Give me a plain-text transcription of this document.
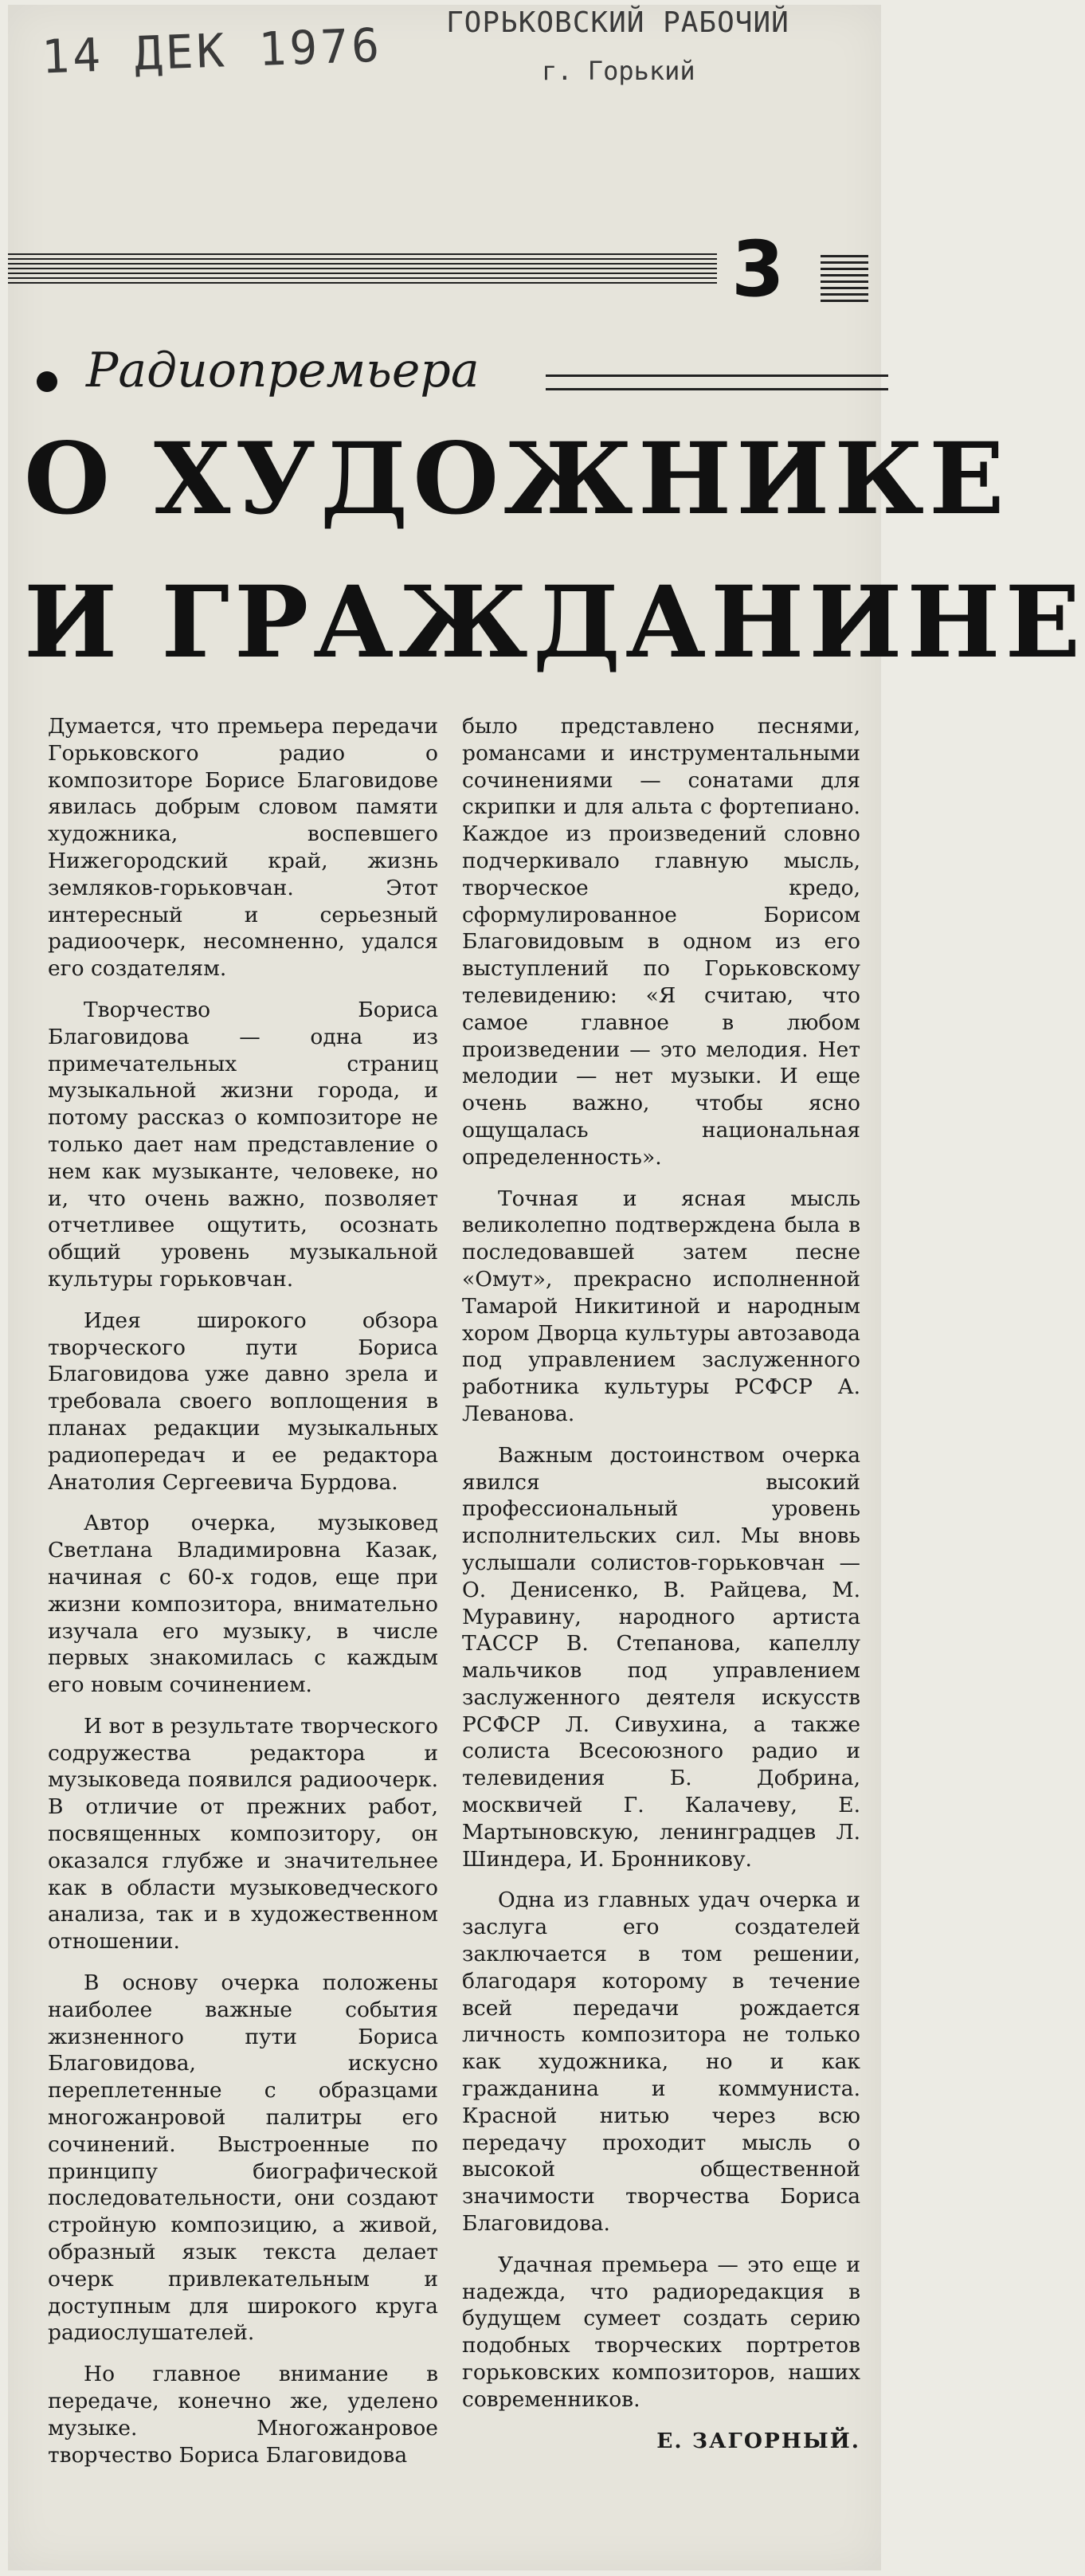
14 ДЕК 1976 ГОРЬКОВСКИЙ РАБОЧИЙ
г. Горький
3
Радиопремьера
О ХУДОЖНИКЕ
И ГРАЖДАНИНЕ

Думается, что премьера передачи Горьковского радио о композиторе Борисе Благовидове явилась добрым словом памяти художника, воспевшего Нижегородский край, жизнь земляков-горьковчан. Этот интересный и серьезный радиоочерк, несомненно, удался его создателям.

Творчество Бориса Благовидова — одна из примечательных страниц музыкальной жизни города, и потому рассказ о композиторе не только дает нам представление о нем как музыканте, человеке, но и, что очень важно, позволяет отчетливее ощутить, осознать общий уровень музыкальной культуры горьковчан.

Идея широкого обзора творческого пути Бориса Благовидова уже давно зрела и требовала своего воплощения в планах редакции музыкальных радиопередач и ее редактора Анатолия Сергеевича Бурдова.

Автор очерка, музыковед Светлана Владимировна Казак, начиная с 60-х годов, еще при жизни композитора, внимательно изучала его музыку, в числе первых знакомилась с каждым его новым сочинением.

И вот в результате творческого содружества редактора и музыковеда появился радиоочерк. В отличие от прежних работ, посвященных композитору, он оказался глубже и значительнее как в области музыковедческого анализа, так и в художественном отношении.

В основу очерка положены наиболее важные события жизненного пути Бориса Благовидова, искусно переплетенные с образцами многожанровой палитры его сочинений. Выстроенные по принципу биографической последовательности, они создают стройную композицию, а живой, образный язык текста делает очерк привлекательным и доступным для широкого круга радиослушателей.

Но главное внимание в передаче, конечно же, уделено музыке. Многожанровое творчество Бориса Благовидова

было представлено песнями, романсами и инструментальными сочинениями — сонатами для скрипки и для альта с фортепиано. Каждое из произведений словно подчеркивало главную мысль, творческое кредо, сформулированное Борисом Благовидовым в одном из его выступлений по Горьковскому телевидению: «Я считаю, что самое главное в любом произведении — это мелодия. Нет мелодии — нет музыки. И еще очень важно, чтобы ясно ощущалась национальная определенность».

Точная и ясная мысль великолепно подтверждена была в последовавшей затем песне «Омут», прекрасно исполненной Тамарой Никитиной и народным хором Дворца культуры автозавода под управлением заслуженного работника культуры РСФСР А. Леванова.

Важным достоинством очерка явился высокий профессиональный уровень исполнительских сил. Мы вновь услышали солистов-горьковчан — О. Денисенко, В. Райцева, М. Муравину, народного артиста ТАССР В. Степанова, капеллу мальчиков под управлением заслуженного деятеля искусств РСФСР Л. Сивухина, а также солиста Всесоюзного радио и телевидения Б. Добрина, москвичей Г. Калачеву, Е. Мартыновскую, ленинградцев Л. Шиндера, И. Бронникову.

Одна из главных удач очерка и заслуга его создателей заключается в том решении, благодаря которому в течение всей передачи рождается личность композитора не только как художника, но и как гражданина и коммуниста. Красной нитью через всю передачу проходит мысль о высокой общественной значимости творчества Бориса Благовидова.

Удачная премьера — это еще и надежда, что радиоредакция в будущем сумеет создать серию подобных творческих портретов горьковских композиторов, наших современников.

Е. ЗАГОРНЫЙ.
